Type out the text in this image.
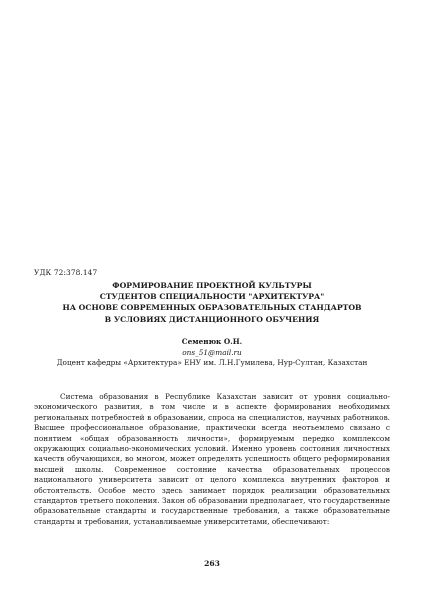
УДК 72:378.147
ФОРМИРОВАНИЕ ПРОЕКТНОЙ КУЛЬТУРЫ
СТУДЕНТОВ СПЕЦИАЛЬНОСТИ "АРХИТЕКТУРА"
НА ОСНОВЕ СОВРЕМЕННЫХ ОБРАЗОВАТЕЛЬНЫХ СТАНДАРТОВ
В УСЛОВИЯХ ДИСТАНЦИОННОГО ОБУЧЕНИЯ
Семенюк О.Н.
ons_51@mail.ru
Доцент кафедры «Архитектура» ЕНУ им. Л.Н.Гумилева, Нур-Султан, Казахстан

Система образования в Республике Казахстан зависит от уровня социально-экономического развития, в том числе и в аспекте формирования необходимых региональных потребностей в образовании, спроса на специалистов, научных работников. Высшее профессиональное образование, практически всегда неотъемлемо связано с понятием «общая образованность личности», формируемым передко комплексом окружающих социально-экономических условий. Именно уровень состояния личностных качеств обучающихся, во многом, может определять успешность общего реформирования высшей школы. Современное состояние качества образовательных процессов национального университета зависит от целого комплекса внутренних факторов и обстоятельств. Особое место здесь занимает порядок реализации образовательных стандартов третьего поколения. Закон об образовании предполагает, что государственные образовательные стандарты и государственные требования, а также образовательные стандарты и требования, устанавливаемые университетами, обеспечивают:

263
